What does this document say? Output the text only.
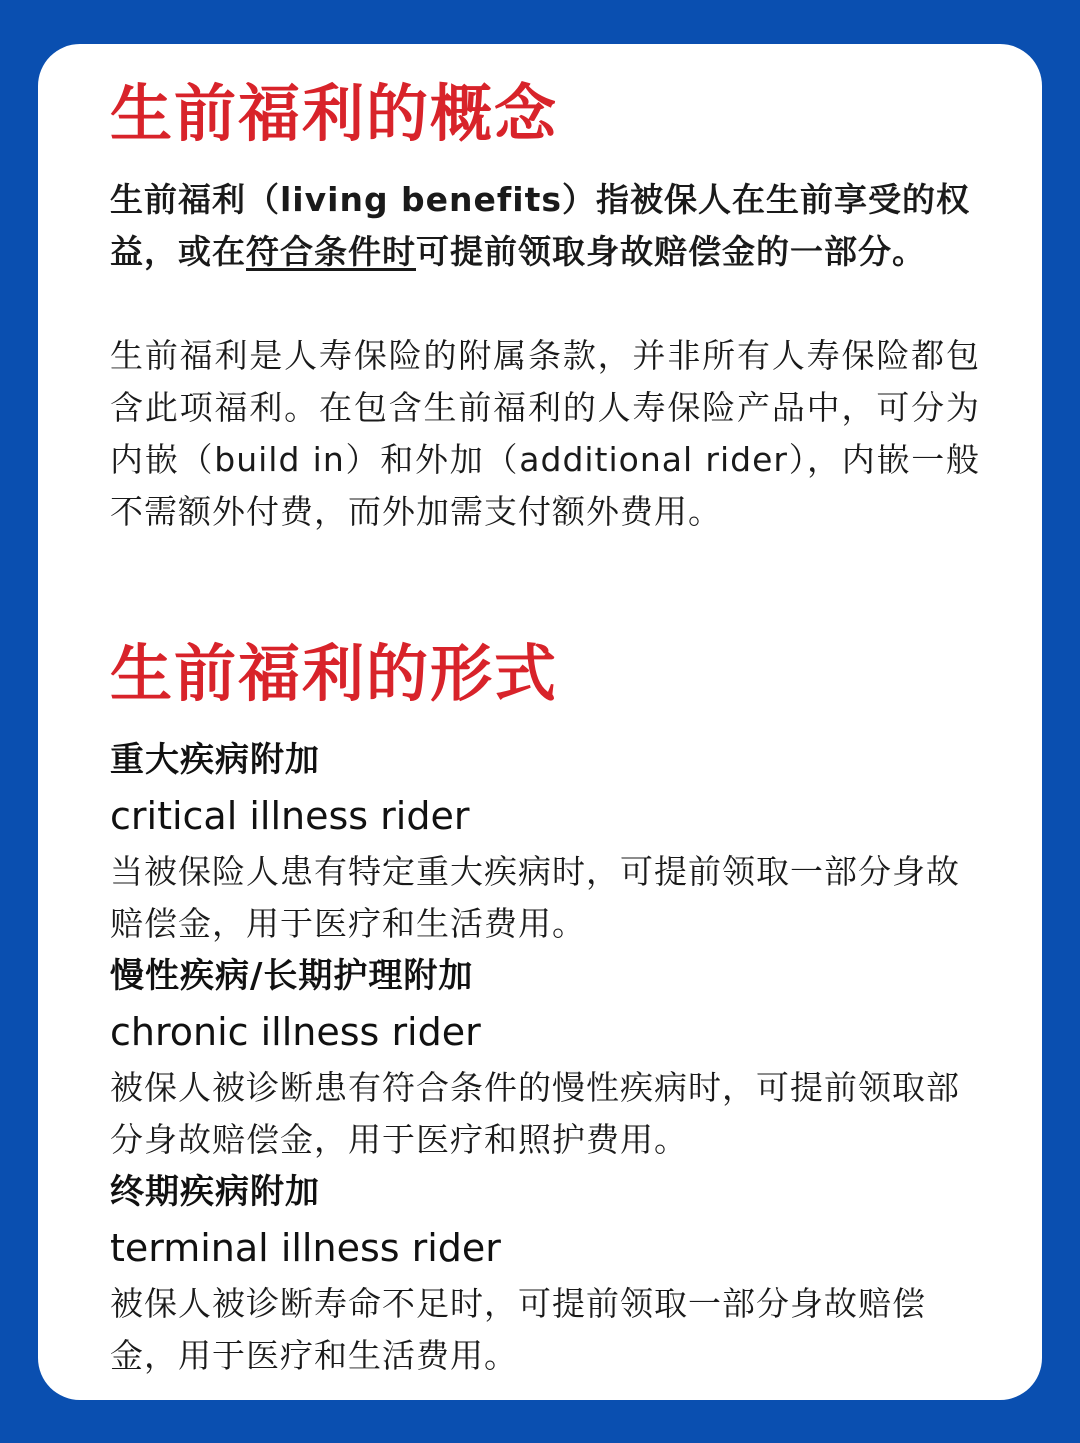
生前福利的概念
生前福利（living benefits）指被保人在生前享受的权益，或在符合条件时可提前领取身故赔偿金的一部分。
生前福利是人寿保险的附属条款，并非所有人寿保险都包含此项福利。在包含生前福利的人寿保险产品中，可分为内嵌（build in）和外加（additional rider），内嵌一般不需额外付费，而外加需支付额外费用。
生前福利的形式
重大疾病附加
critical illness rider
当被保险人患有特定重大疾病时，可提前领取一部分身故赔偿金，用于医疗和生活费用。
慢性疾病/长期护理附加
chronic illness rider
被保人被诊断患有符合条件的慢性疾病时，可提前领取部分身故赔偿金，用于医疗和照护费用。
终期疾病附加
terminal illness rider
被保人被诊断寿命不足时，可提前领取一部分身故赔偿金，用于医疗和生活费用。
